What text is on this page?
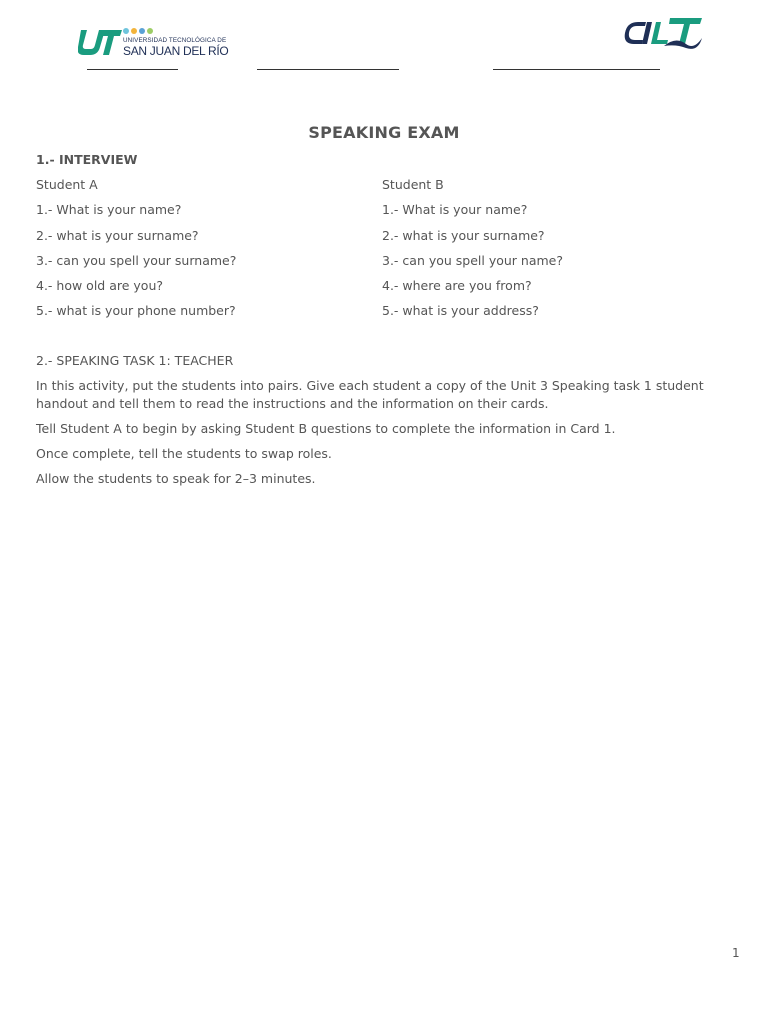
UNIVERSIDAD TECNOLÓGICA DE
SAN JUAN DEL RÍO
SPEAKING EXAM
1.- INTERVIEW
Student A	Student B
1.- What is your name?
2.- what is your surname?
3.- can you spell your surname?
4.- how old are you?
5.- what is your phone number?
1.- What is your name?
2.- what is your surname?
3.- can you spell your name?
4.- where are you from?
5.- what is your address?
2.- SPEAKING TASK 1: TEACHER
In this activity, put the students into pairs. Give each student a copy of the Unit 3 Speaking task 1 student handout and tell them to read the instructions and the information on their cards.
Tell Student A to begin by asking Student B questions to complete the information in Card 1.
Once complete, tell the students to swap roles.
Allow the students to speak for 2–3 minutes.
1
